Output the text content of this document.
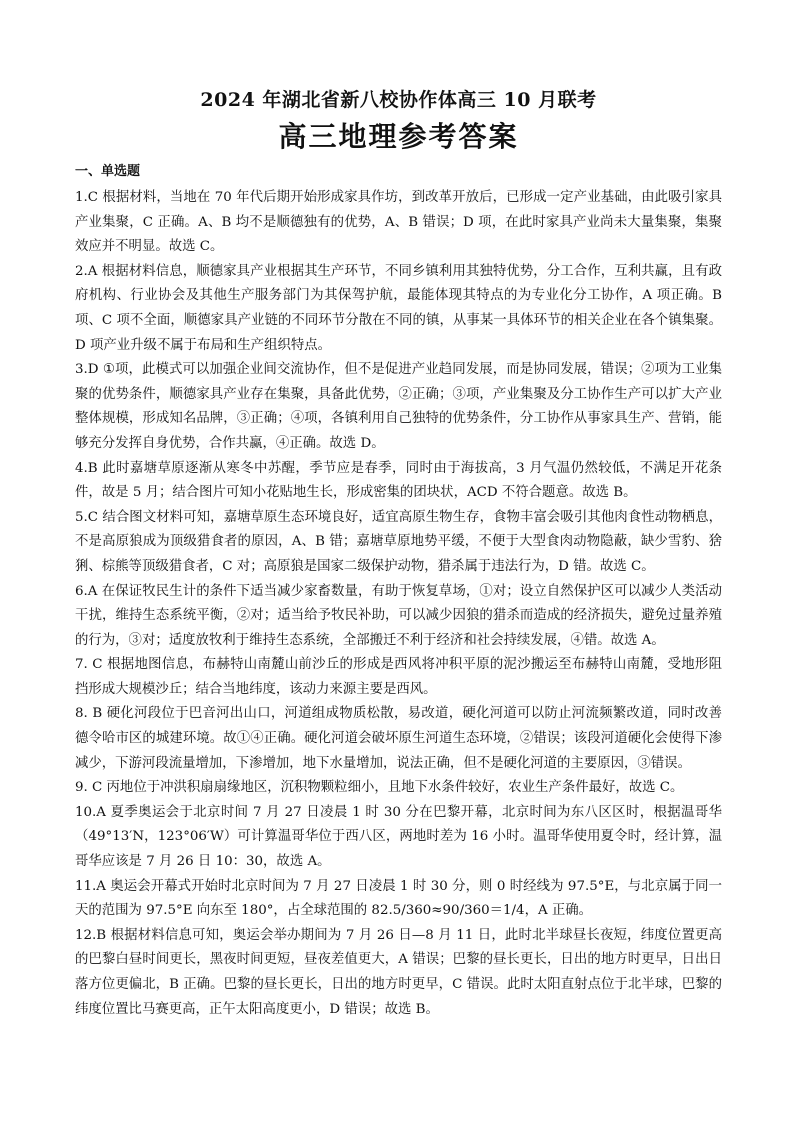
2024 年湖北省新八校协作体高三 10 月联考
高三地理参考答案
一、单选题
1.C 根据材料，当地在 70 年代后期开始形成家具作坊，到改革开放后，已形成一定产业基础，由此吸引家具产业集聚，C 正确。A、B 均不是顺德独有的优势，A、B 错误；D 项，在此时家具产业尚未大量集聚，集聚效应并不明显。故选 C。
2.A 根据材料信息，顺德家具产业根据其生产环节，不同乡镇利用其独特优势，分工合作，互利共赢，且有政府机构、行业协会及其他生产服务部门为其保驾护航，最能体现其特点的为专业化分工协作，A 项正确。B 项、C 项不全面，顺德家具产业链的不同环节分散在不同的镇，从事某一具体环节的相关企业在各个镇集聚。D 项产业升级不属于布局和生产组织特点。
3.D ①项，此模式可以加强企业间交流协作，但不是促进产业趋同发展，而是协同发展，错误；②项为工业集聚的优势条件，顺德家具产业存在集聚，具备此优势，②正确；③项，产业集聚及分工协作生产可以扩大产业整体规模，形成知名品牌，③正确；④项，各镇利用自己独特的优势条件，分工协作从事家具生产、营销，能够充分发挥自身优势，合作共赢，④正确。故选 D。
4.B 此时嘉塘草原逐渐从寒冬中苏醒，季节应是春季，同时由于海拔高，3 月气温仍然较低，不满足开花条件，故是 5 月；结合图片可知小花贴地生长，形成密集的团块状，ACD 不符合题意。故选 B。
5.C 结合图文材料可知，嘉塘草原生态环境良好，适宜高原生物生存，食物丰富会吸引其他肉食性动物栖息，不是高原狼成为顶级猎食者的原因，A、B 错；嘉塘草原地势平缓，不便于大型食肉动物隐蔽，缺少雪豹、猞猁、棕熊等顶级猎食者，C 对；高原狼是国家二级保护动物，猎杀属于违法行为，D 错。故选 C。
6.A 在保证牧民生计的条件下适当减少家畜数量，有助于恢复草场，①对；设立自然保护区可以减少人类活动干扰，维持生态系统平衡，②对；适当给予牧民补助，可以减少因狼的猎杀而造成的经济损失，避免过量养殖的行为，③对；适度放牧利于维持生态系统，全部搬迁不利于经济和社会持续发展，④错。故选 A。
7. C 根据地图信息，布赫特山南麓山前沙丘的形成是西风将冲积平原的泥沙搬运至布赫特山南麓，受地形阻挡形成大规模沙丘；结合当地纬度，该动力来源主要是西风。
8. B 硬化河段位于巴音河出山口，河道组成物质松散，易改道，硬化河道可以防止河流频繁改道，同时改善德令哈市区的城建环境。故①④正确。硬化河道会破坏原生河道生态环境，②错误；该段河道硬化会使得下渗减少，下游河段流量增加，下渗增加，地下水量增加，说法正确，但不是硬化河道的主要原因，③错误。
9. C 丙地位于冲洪积扇扇缘地区，沉积物颗粒细小，且地下水条件较好，农业生产条件最好，故选 C。
10.A 夏季奥运会于北京时间 7 月 27 日凌晨 1 时 30 分在巴黎开幕，北京时间为东八区区时，根据温哥华（49°13′N，123°06′W）可计算温哥华位于西八区，两地时差为 16 小时。温哥华使用夏令时，经计算，温哥华应该是 7 月 26 日 10：30，故选 A。
11.A 奥运会开幕式开始时北京时间为 7 月 27 日凌晨 1 时 30 分，则 0 时经线为 97.5°E，与北京属于同一天的范围为 97.5°E 向东至 180°，占全球范围的 82.5/360≈90/360＝1/4，A 正确。
12.B 根据材料信息可知，奥运会举办期间为 7 月 26 日—8 月 11 日，此时北半球昼长夜短，纬度位置更高的巴黎白昼时间更长，黑夜时间更短，昼夜差值更大，A 错误；巴黎的昼长更长，日出的地方时更早，日出日落方位更偏北，B 正确。巴黎的昼长更长，日出的地方时更早，C 错误。此时太阳直射点位于北半球，巴黎的纬度位置比马赛更高，正午太阳高度更小，D 错误；故选 B。
